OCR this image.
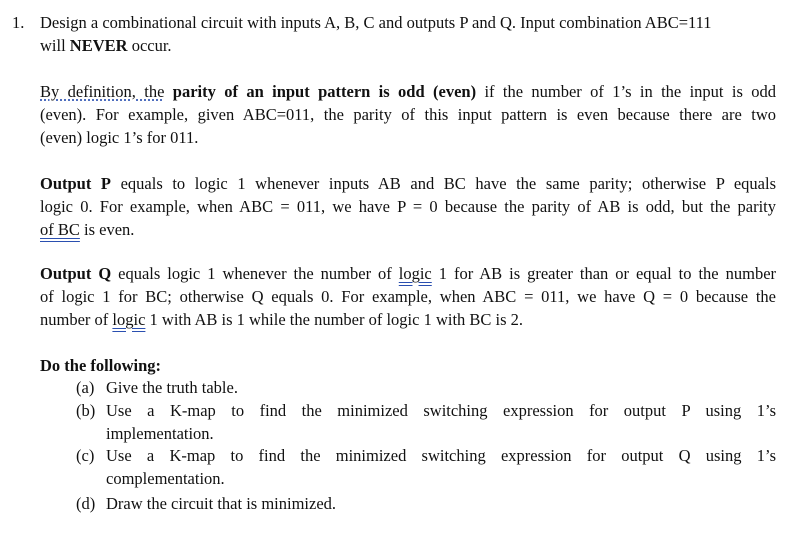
1. Design a combinational circuit with inputs A, B, C and outputs P and Q. Input combination ABC=111
will NEVER occur.
By definition, the parity of an input pattern is odd (even) if the number of 1’s in the input is odd
(even). For example, given ABC=011, the parity of this input pattern is even because there are two
(even) logic 1’s for 011.
Output P equals to logic 1 whenever inputs AB and BC have the same parity; otherwise P equals
logic 0. For example, when ABC = 011, we have P = 0 because the parity of AB is odd, but the parity
of BC is even.
Output Q equals logic 1 whenever the number of logic 1 for AB is greater than or equal to the number
of logic 1 for BC; otherwise Q equals 0. For example, when ABC = 011, we have Q = 0 because the
number of logic 1 with AB is 1 while the number of logic 1 with BC is 2.
Do the following:
(a) Give the truth table.
(b) Use a K-map to find the minimized switching expression for output P using 1’s
implementation.
(c) Use a K-map to find the minimized switching expression for output Q using 1’s
complementation.
(d) Draw the circuit that is minimized.
